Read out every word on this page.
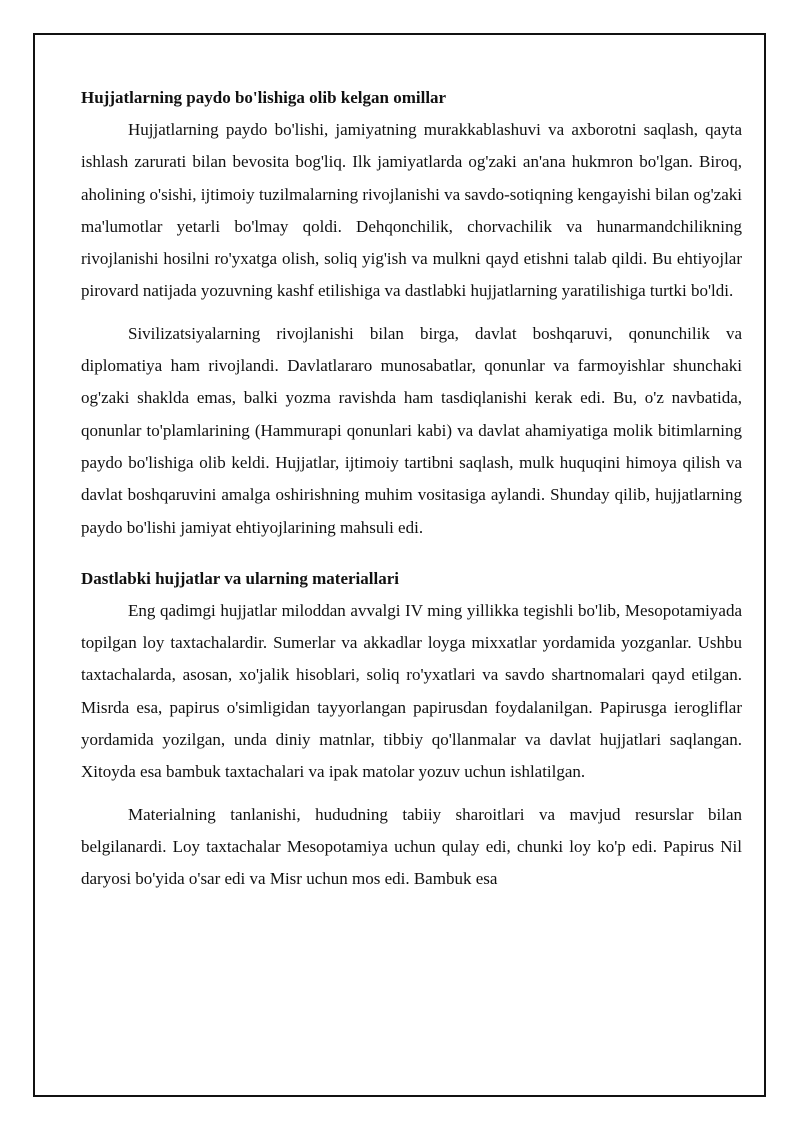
Hujjatlarning paydo bo'lishiga olib kelgan omillar

Hujjatlarning paydo bo'lishi, jamiyatning murakkablashuvi va axborotni saqlash, qayta ishlash zarurati bilan bevosita bog'liq. Ilk jamiyatlarda og'zaki an'ana hukmron bo'lgan. Biroq, aholining o'sishi, ijtimoiy tuzilmalarning rivojlanishi va savdo-sotiqning kengayishi bilan og'zaki ma'lumotlar yetarli bo'lmay qoldi. Dehqonchilik, chorvachilik va hunarmandchilikning rivojlanishi hosilni ro'yxatga olish, soliq yig'ish va mulkni qayd etishni talab qildi. Bu ehtiyojlar pirovard natijada yozuvning kashf etilishiga va dastlabki hujjatlarning yaratilishiga turtki bo'ldi.

Sivilizatsiyalarning rivojlanishi bilan birga, davlat boshqaruvi, qonunchilik va diplomatiya ham rivojlandi. Davlatlararo munosabatlar, qonunlar va farmoyishlar shunchaki og'zaki shaklda emas, balki yozma ravishda ham tasdiqlanishi kerak edi. Bu, o'z navbatida, qonunlar to'plamlarining (Hammurapi qonunlari kabi) va davlat ahamiyatiga molik bitimlarning paydo bo'lishiga olib keldi. Hujjatlar, ijtimoiy tartibni saqlash, mulk huquqini himoya qilish va davlat boshqaruvini amalga oshirishning muhim vositasiga aylandi. Shunday qilib, hujjatlarning paydo bo'lishi jamiyat ehtiyojlarining mahsuli edi.

Dastlabki hujjatlar va ularning materiallari

Eng qadimgi hujjatlar miloddan avvalgi IV ming yillikka tegishli bo'lib, Mesopotamiyada topilgan loy taxtachalardir. Sumerlar va akkadlar loyga mixxatlar yordamida yozganlar. Ushbu taxtachalarda, asosan, xo'jalik hisoblari, soliq ro'yxatlari va savdo shartnomalari qayd etilgan. Misrda esa, papirus o'simligidan tayyorlangan papirusdan foydalanilgan. Papirusga ierogliflar yordamida yozilgan, unda diniy matnlar, tibbiy qo'llanmalar va davlat hujjatlari saqlangan. Xitoyda esa bambuk taxtachalari va ipak matolar yozuv uchun ishlatilgan.

Materialning tanlanishi, hududning tabiiy sharoitlari va mavjud resurslar bilan belgilanardi. Loy taxtachalar Mesopotamiya uchun qulay edi, chunki loy ko'p edi. Papirus Nil daryosi bo'yida o'sar edi va Misr uchun mos edi. Bambuk esa
